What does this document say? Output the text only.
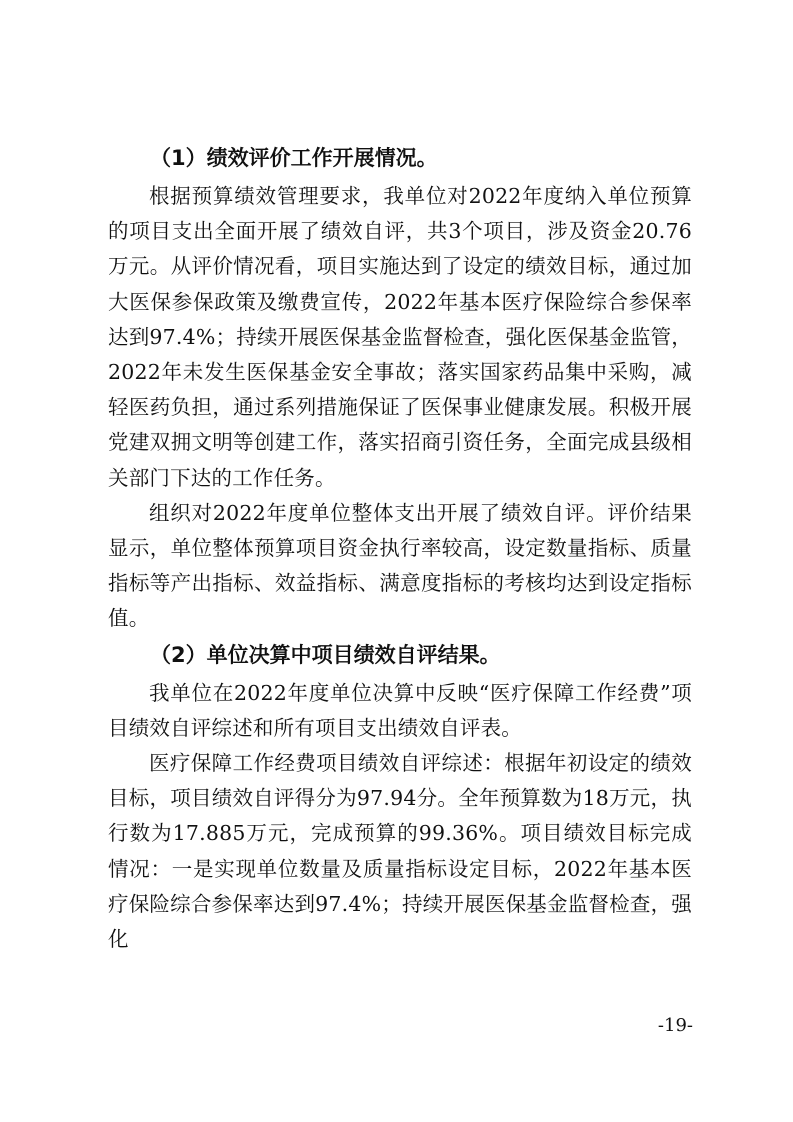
（1）绩效评价工作开展情况。

根据预算绩效管理要求，我单位对2022年度纳入单位预算的项目支出全面开展了绩效自评，共3个项目，涉及资金20.76万元。从评价情况看，项目实施达到了设定的绩效目标，通过加大医保参保政策及缴费宣传，2022年基本医疗保险综合参保率达到97.4%；持续开展医保基金监督检查，强化医保基金监管，2022年未发生医保基金安全事故；落实国家药品集中采购，减轻医药负担，通过系列措施保证了医保事业健康发展。积极开展党建双拥文明等创建工作，落实招商引资任务，全面完成县级相关部门下达的工作任务。

组织对2022年度单位整体支出开展了绩效自评。评价结果显示，单位整体预算项目资金执行率较高，设定数量指标、质量指标等产出指标、效益指标、满意度指标的考核均达到设定指标值。

（2）单位决算中项目绩效自评结果。

我单位在2022年度单位决算中反映“医疗保障工作经费”项目绩效自评综述和所有项目支出绩效自评表。

医疗保障工作经费项目绩效自评综述：根据年初设定的绩效目标，项目绩效自评得分为97.94分。全年预算数为18万元，执行数为17.885万元，完成预算的99.36%。项目绩效目标完成情况：一是实现单位数量及质量指标设定目标，2022年基本医疗保险综合参保率达到97.4%；持续开展医保基金监督检查，强化

-19-
